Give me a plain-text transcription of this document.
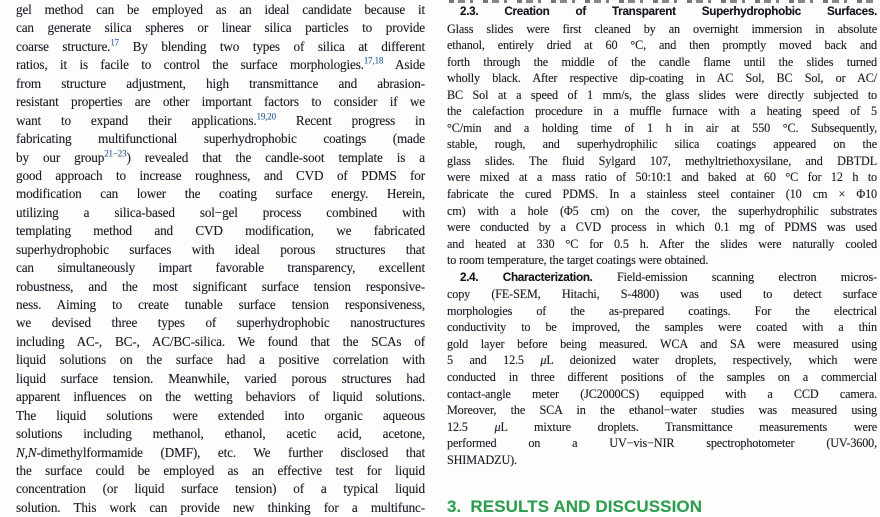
gel method can be employed as an ideal candidate because it
can generate silica spheres or linear silica particles to provide
coarse structure.$^{17}$ By blending two types of silica at different
ratios, it is facile to control the surface morphologies.$^{17,18}$ Aside
from structure adjustment, high transmittance and abrasion-
resistant properties are other important factors to consider if we
want to expand their applications.$^{19,20}$ Recent progress in
fabricating multifunctional superhydrophobic coatings (made
by our group$^{21-23}$) revealed that the candle-soot template is a
good approach to increase roughness, and CVD of PDMS for
modification can lower the coating surface energy. Herein,
utilizing a silica-based sol−gel process combined with
templating method and CVD modification, we fabricated
superhydrophobic surfaces with ideal porous structures that
can simultaneously impart favorable transparency, excellent
robustness, and the most significant surface tension responsive-
ness. Aiming to create tunable surface tension responsiveness,
we devised three types of superhydrophobic nanostructures
including AC-, BC-, AC/BC-silica. We found that the SCAs of
liquid solutions on the surface had a positive correlation with
liquid surface tension. Meanwhile, varied porous structures had
apparent influences on the wetting behaviors of liquid solutions.
The liquid solutions were extended into organic aqueous
solutions including methanol, ethanol, acetic acid, acetone,
N,N-dimethylformamide (DMF), etc. We further disclosed that
the surface could be employed as an effective test for liquid
concentration (or liquid surface tension) of a typical liquid
solution. This work can provide new thinking for a multifunc-
2.3. Creation of Transparent Superhydrophobic Surfaces.
Glass slides were first cleaned by an overnight immersion in absolute
ethanol, entirely dried at 60 °C, and then promptly moved back and
forth through the middle of the candle flame until the slides turned
wholly black. After respective dip-coating in AC Sol, BC Sol, or AC/
BC Sol at a speed of 1 mm/s, the glass slides were directly subjected to
the calefaction procedure in a muffle furnace with a heating speed of 5
°C/min and a holding time of 1 h in air at 550 °C. Subsequently,
stable, rough, and superhydrophilic silica coatings appeared on the
glass slides. The fluid Sylgard 107, methyltriethoxysilane, and DBTDL
were mixed at a mass ratio of 50:10:1 and baked at 60 °C for 12 h to
fabricate the cured PDMS. In a stainless steel container (10 cm × Φ10
cm) with a hole (Φ5 cm) on the cover, the superhydrophilic substrates
were conducted by a CVD process in which 0.1 mg of PDMS was used
and heated at 330 °C for 0.5 h. After the slides were naturally cooled
to room temperature, the target coatings were obtained.
2.4. Characterization. Field-emission scanning electron micros-
copy (FE-SEM, Hitachi, S-4800) was used to detect surface
morphologies of the as-prepared coatings. For the electrical
conductivity to be improved, the samples were coated with a thin
gold layer before being measured. WCA and SA were measured using
5 and 12.5 μL deionized water droplets, respectively, which were
conducted in three different positions of the samples on a commercial
contact-angle meter (JC2000CS) equipped with a CCD camera.
Moreover, the SCA in the ethanol−water studies was measured using
12.5 μL mixture droplets. Transmittance measurements were
performed on a UV−vis−NIR spectrophotometer (UV-3600,
SHIMADZU).
3. RESULTS AND DISCUSSION
